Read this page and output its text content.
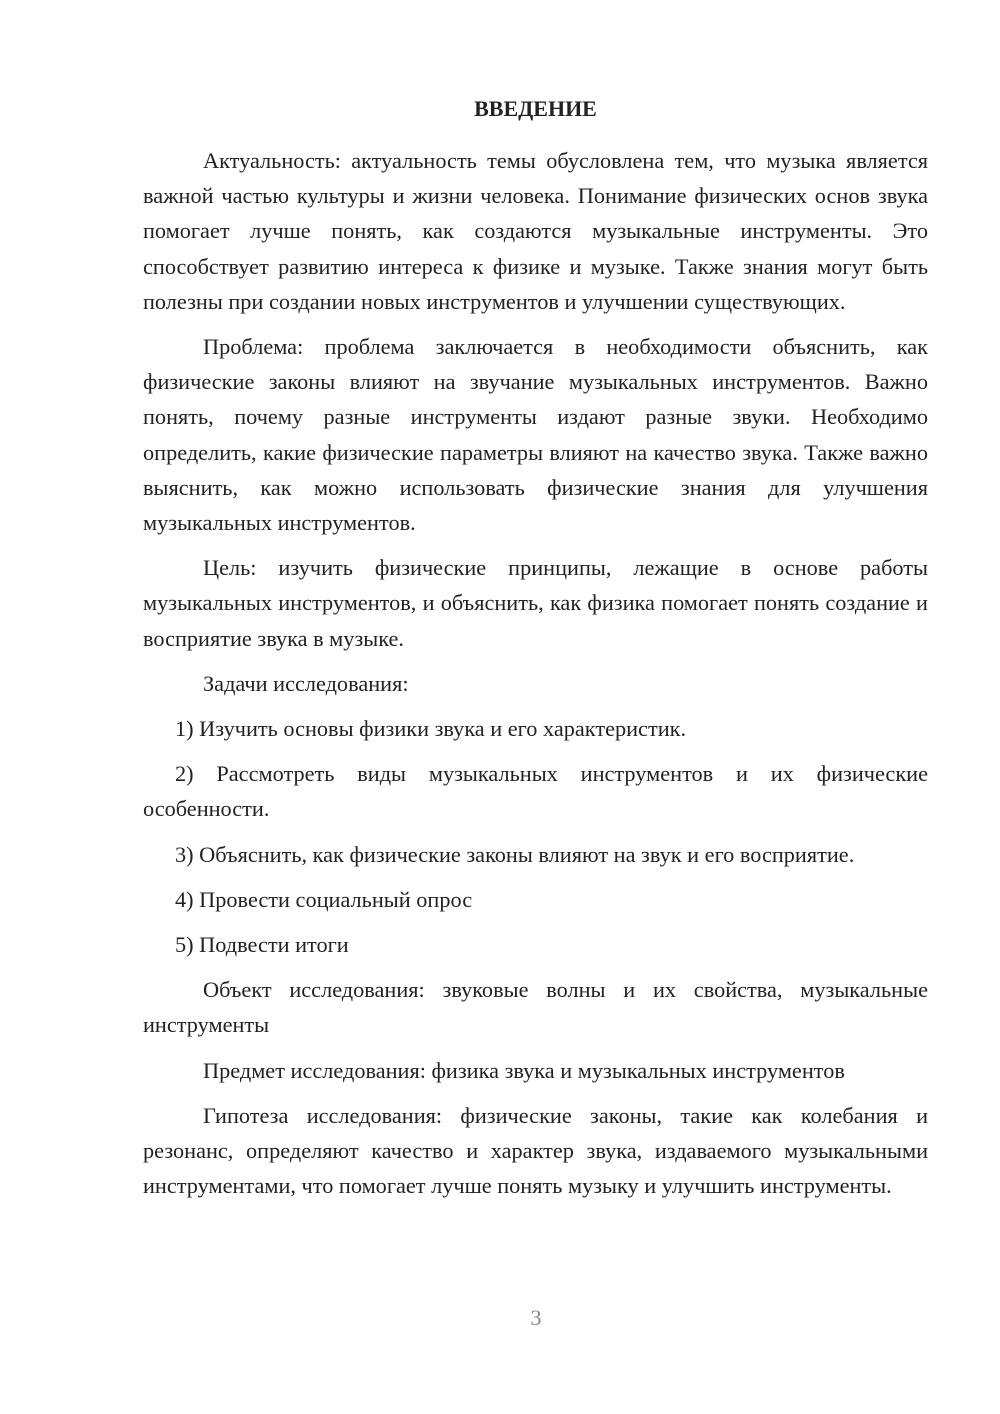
ВВЕДЕНИЕ

Актуальность: актуальность темы обусловлена тем, что музыка является важной частью культуры и жизни человека. Понимание физических основ звука помогает лучше понять, как создаются музыкальные инструменты. Это способствует развитию интереса к физике и музыке. Также знания могут быть полезны при создании новых инструментов и улучшении существующих.

Проблема: проблема заключается в необходимости объяснить, как физические законы влияют на звучание музыкальных инструментов. Важно понять, почему разные инструменты издают разные звуки. Необходимо определить, какие физические параметры влияют на качество звука. Также важно выяснить, как можно использовать физические знания для улучшения музыкальных инструментов.

Цель: изучить физические принципы, лежащие в основе работы музыкальных инструментов, и объяснить, как физика помогает понять создание и восприятие звука в музыке.

Задачи исследования:

1) Изучить основы физики звука и его характеристик.

2) Рассмотреть виды музыкальных инструментов и их физические особенности.

3) Объяснить, как физические законы влияют на звук и его восприятие.

4) Провести социальный опрос

5) Подвести итоги

Объект исследования: звуковые волны и их свойства, музыкальные инструменты

Предмет исследования: физика звука и музыкальных инструментов

Гипотеза исследования: физические законы, такие как колебания и резонанс, определяют качество и характер звука, издаваемого музыкальными инструментами, что помогает лучше понять музыку и улучшить инструменты.

3
